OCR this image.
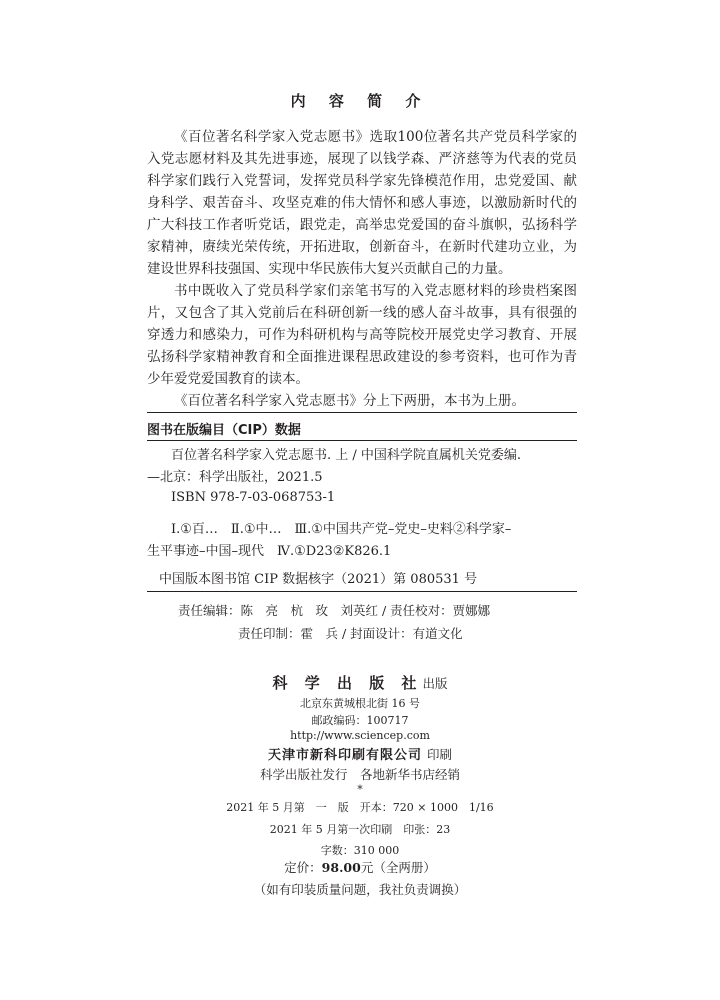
内 容 简 介

《百位著名科学家入党志愿书》选取100位著名共产党员科学家的入党志愿材料及其先进事迹，展现了以钱学森、严济慈等为代表的党员科学家们践行入党誓词，发挥党员科学家先锋模范作用，忠党爱国、献身科学、艰苦奋斗、攻坚克难的伟大情怀和感人事迹，以激励新时代的广大科技工作者听党话，跟党走，高举忠党爱国的奋斗旗帜，弘扬科学家精神，赓续光荣传统，开拓进取，创新奋斗，在新时代建功立业，为建设世界科技强国、实现中华民族伟大复兴贡献自己的力量。

书中既收入了党员科学家们亲笔书写的入党志愿材料的珍贵档案图片，又包含了其入党前后在科研创新一线的感人奋斗故事，具有很强的穿透力和感染力，可作为科研机构与高等院校开展党史学习教育、开展弘扬科学家精神教育和全面推进课程思政建设的参考资料，也可作为青少年爱党爱国教育的读本。

《百位著名科学家入党志愿书》分上下两册，本书为上册。

图书在版编目（CIP）数据
百位著名科学家入党志愿书. 上 / 中国科学院直属机关党委编.
—北京：科学出版社，2021.5
ISBN 978-7-03-068753-1
Ⅰ.①百…　Ⅱ.①中…　Ⅲ.①中国共产党–党史–史料②科学家–
生平事迹–中国–现代　Ⅳ.①D23②K826.1
中国版本图书馆 CIP 数据核字（2021）第 080531 号
责任编辑：陈　亮　杭　玫　刘英红 / 责任校对：贾娜娜
责任印制：霍　兵 / 封面设计：有道文化
科 学 出 版 社出版
北京东黄城根北街 16 号
邮政编码：100717
http://www.sciencep.com
天津市新科印刷有限公司 印刷
科学出版社发行　各地新华书店经销
*
2021 年 5 月第　一　版　开本：720 × 1000　1/16
2021 年 5 月第一次印刷　印张：23
字数：310 000
定价：98.00元（全两册）
（如有印装质量问题，我社负责调换）
